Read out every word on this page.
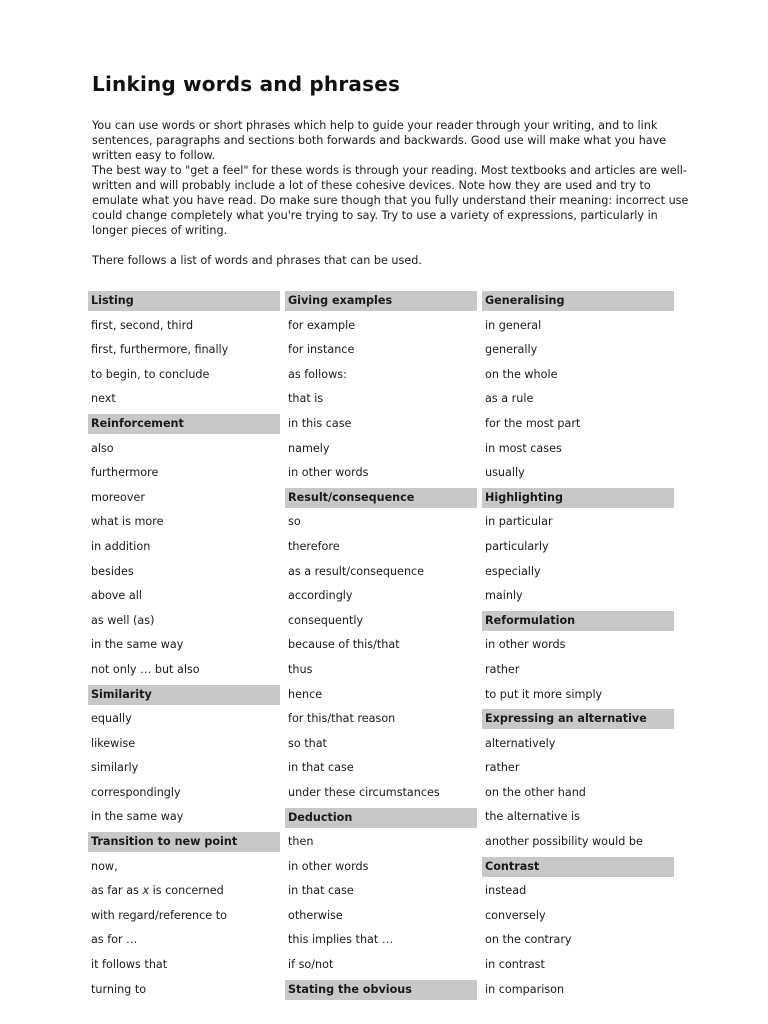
Linking words and phrases

You can use words or short phrases which help to guide your reader through your writing, and to link sentences, paragraphs and sections both forwards and backwards. Good use will make what you have written easy to follow.

The best way to "get a feel" for these words is through your reading. Most textbooks and articles are well-written and will probably include a lot of these cohesive devices. Note how they are used and try to emulate what you have read. Do make sure though that you fully understand their meaning: incorrect use could change completely what you're trying to say. Try to use a variety of expressions, particularly in longer pieces of writing.

There follows a list of words and phrases that can be used.

Listing
first, second, third
first, furthermore, finally
to begin, to conclude
next
Reinforcement
also
furthermore
moreover
what is more
in addition
besides
above all
as well (as)
in the same way
not only … but also
Similarity
equally
likewise
similarly
correspondingly
in the same way
Transition to new point
now,
as far as x is concerned
with regard/reference to
as for …
it follows that
turning to
Giving examples
for example
for instance
as follows:
that is
in this case
namely
in other words
Result/consequence
so
therefore
as a result/consequence
accordingly
consequently
because of this/that
thus
hence
for this/that reason
so that
in that case
under these circumstances
Deduction
then
in other words
in that case
otherwise
this implies that …
if so/not
Stating the obvious
Generalising
in general
generally
on the whole
as a rule
for the most part
in most cases
usually
Highlighting
in particular
particularly
especially
mainly
Reformulation
in other words
rather
to put it more simply
Expressing an alternative
alternatively
rather
on the other hand
the alternative is
another possibility would be
Contrast
instead
conversely
on the contrary
in contrast
in comparison
